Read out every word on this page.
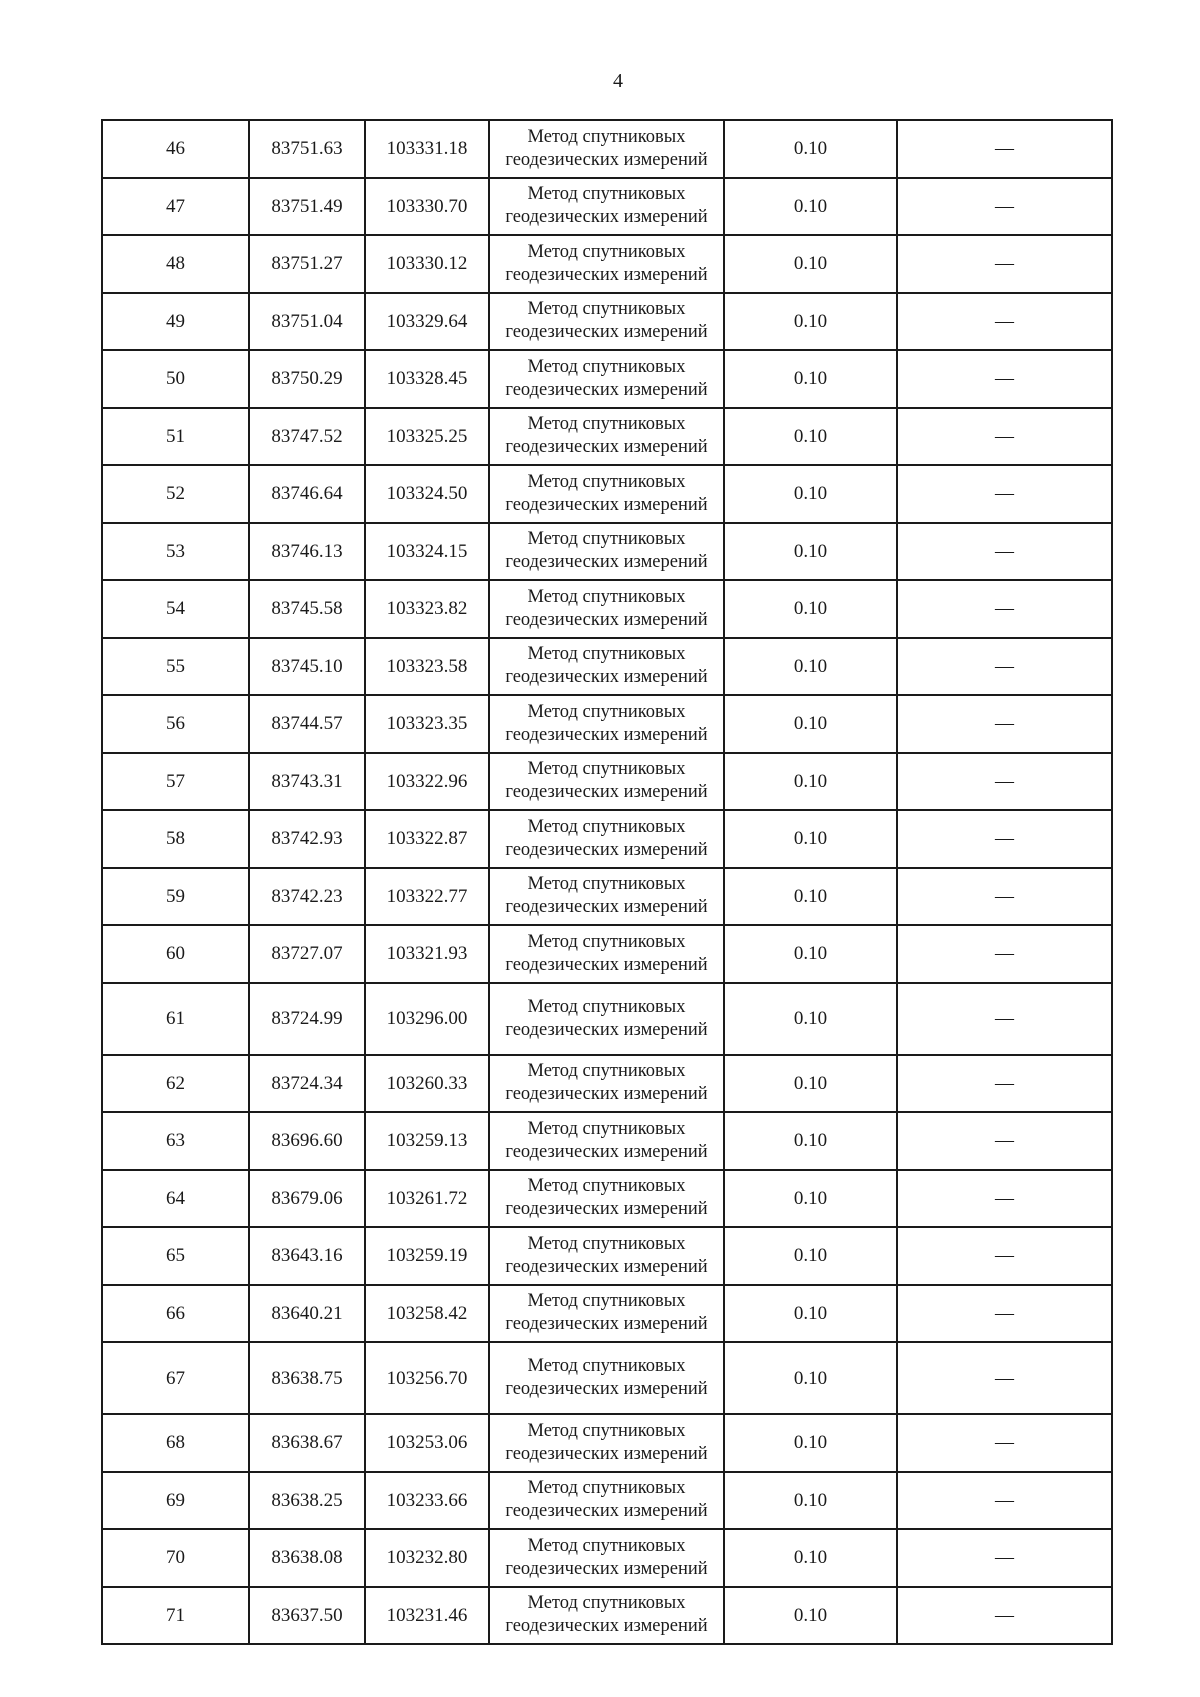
4
46	83751.63	103331.18	Метод спутниковых
геодезических измерений	0.10	—
47	83751.49	103330.70	Метод спутниковых
геодезических измерений	0.10	—
48	83751.27	103330.12	Метод спутниковых
геодезических измерений	0.10	—
49	83751.04	103329.64	Метод спутниковых
геодезических измерений	0.10	—
50	83750.29	103328.45	Метод спутниковых
геодезических измерений	0.10	—
51	83747.52	103325.25	Метод спутниковых
геодезических измерений	0.10	—
52	83746.64	103324.50	Метод спутниковых
геодезических измерений	0.10	—
53	83746.13	103324.15	Метод спутниковых
геодезических измерений	0.10	—
54	83745.58	103323.82	Метод спутниковых
геодезических измерений	0.10	—
55	83745.10	103323.58	Метод спутниковых
геодезических измерений	0.10	—
56	83744.57	103323.35	Метод спутниковых
геодезических измерений	0.10	—
57	83743.31	103322.96	Метод спутниковых
геодезических измерений	0.10	—
58	83742.93	103322.87	Метод спутниковых
геодезических измерений	0.10	—
59	83742.23	103322.77	Метод спутниковых
геодезических измерений	0.10	—
60	83727.07	103321.93	Метод спутниковых
геодезических измерений	0.10	—
61	83724.99	103296.00	Метод спутниковых
геодезических измерений	0.10	—
62	83724.34	103260.33	Метод спутниковых
геодезических измерений	0.10	—
63	83696.60	103259.13	Метод спутниковых
геодезических измерений	0.10	—
64	83679.06	103261.72	Метод спутниковых
геодезических измерений	0.10	—
65	83643.16	103259.19	Метод спутниковых
геодезических измерений	0.10	—
66	83640.21	103258.42	Метод спутниковых
геодезических измерений	0.10	—
67	83638.75	103256.70	Метод спутниковых
геодезических измерений	0.10	—
68	83638.67	103253.06	Метод спутниковых
геодезических измерений	0.10	—
69	83638.25	103233.66	Метод спутниковых
геодезических измерений	0.10	—
70	83638.08	103232.80	Метод спутниковых
геодезических измерений	0.10	—
71	83637.50	103231.46	Метод спутниковых
геодезических измерений	0.10	—
